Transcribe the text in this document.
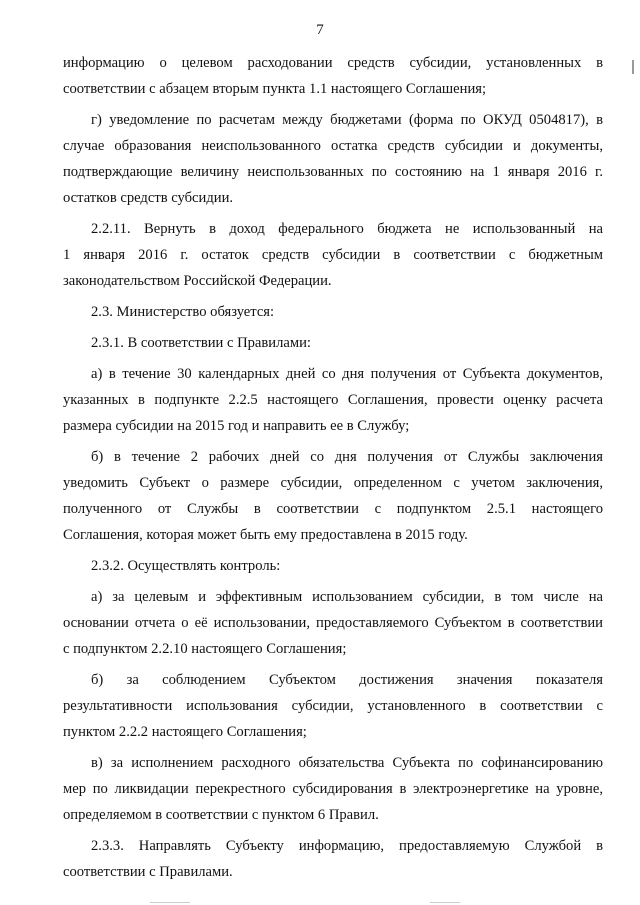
7

информацию о целевом расходовании средств субсидии, установленных в
соответствии с абзацем вторым пункта 1.1 настоящего Соглашения;

г) уведомление по расчетам между бюджетами (форма по ОКУД 0504817), в
случае образования неиспользованного остатка средств субсидии и документы,
подтверждающие величину неиспользованных по состоянию на 1 января 2016 г.
остатков средств субсидии.

2.2.11. Вернуть в доход федерального бюджета не использованный на
1 января 2016 г. остаток средств субсидии в соответствии с бюджетным
законодательством Российской Федерации.

2.3. Министерство обязуется:

2.3.1. В соответствии с Правилами:

а) в течение 30 календарных дней со дня получения от Субъекта документов,
указанных в подпункте 2.2.5 настоящего Соглашения, провести оценку расчета
размера субсидии на 2015 год и направить ее в Службу;

б) в течение 2 рабочих дней со дня получения от Службы заключения
уведомить Субъект о размере субсидии, определенном с учетом заключения,
полученного от Службы в соответствии с подпунктом 2.5.1 настоящего
Соглашения, которая может быть ему предоставлена в 2015 году.

2.3.2. Осуществлять контроль:

а) за целевым и эффективным использованием субсидии, в том числе на
основании отчета о её использовании, предоставляемого Субъектом в соответствии
с подпунктом 2.2.10 настоящего Соглашения;

б) за соблюдением Субъектом достижения значения показателя
результативности использования субсидии, установленного в соответствии с
пунктом 2.2.2 настоящего Соглашения;

в) за исполнением расходного обязательства Субъекта по софинансированию
мер по ликвидации перекрестного субсидирования в электроэнергетике на уровне,
определяемом в соответствии с пунктом 6 Правил.

2.3.3. Направлять Субъекту информацию, предоставляемую Службой в
соответствии с Правилами.
